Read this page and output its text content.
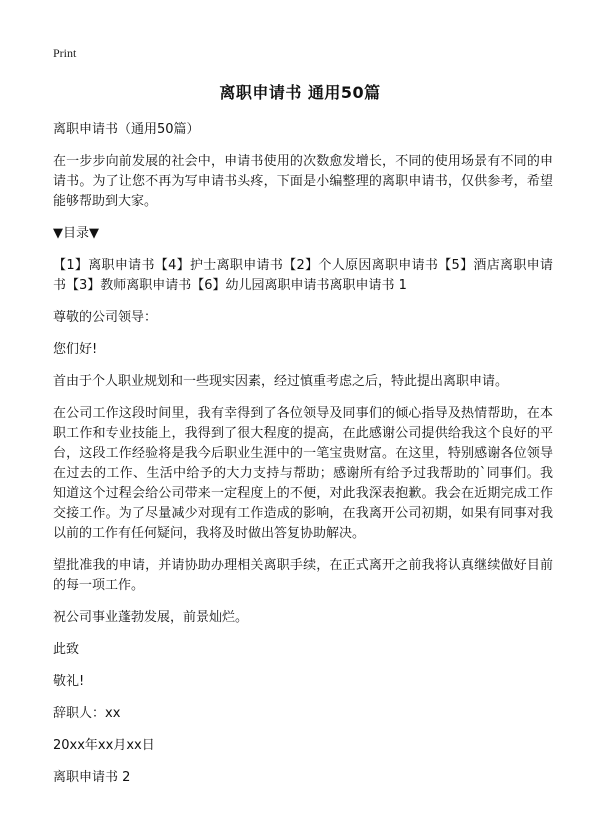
Print
离职申请书 通用50篇

离职申请书（通用50篇）

在一步步向前发展的社会中，申请书使用的次数愈发增长，不同的使用场景有不同的申请书。为了让您不再为写申请书头疼，下面是小编整理的离职申请书，仅供参考，希望能够帮助到大家。

▼目录▼

【1】离职申请书【4】护士离职申请书【2】个人原因离职申请书【5】酒店离职申请书【3】教师离职申请书【6】幼儿园离职申请书离职申请书 1

尊敬的公司领导：

您们好!

首由于个人职业规划和一些现实因素，经过慎重考虑之后，特此提出离职申请。

在公司工作这段时间里，我有幸得到了各位领导及同事们的倾心指导及热情帮助，在本职工作和专业技能上，我得到了很大程度的提高，在此感谢公司提供给我这个良好的平台，这段工作经验将是我今后职业生涯中的一笔宝贵财富。在这里，特别感谢各位领导在过去的工作、生活中给予的大力支持与帮助；感谢所有给予过我帮助的`同事们。我知道这个过程会给公司带来一定程度上的不便，对此我深表抱歉。我会在近期完成工作交接工作。为了尽量减少对现有工作造成的影响，在我离开公司初期，如果有同事对我以前的工作有任何疑问，我将及时做出答复协助解决。

望批准我的申请，并请协助办理相关离职手续，在正式离开之前我将认真继续做好目前的每一项工作。

祝公司事业蓬勃发展，前景灿烂。

此致

敬礼!

辞职人：xx

20xx年xx月xx日

离职申请书 2
